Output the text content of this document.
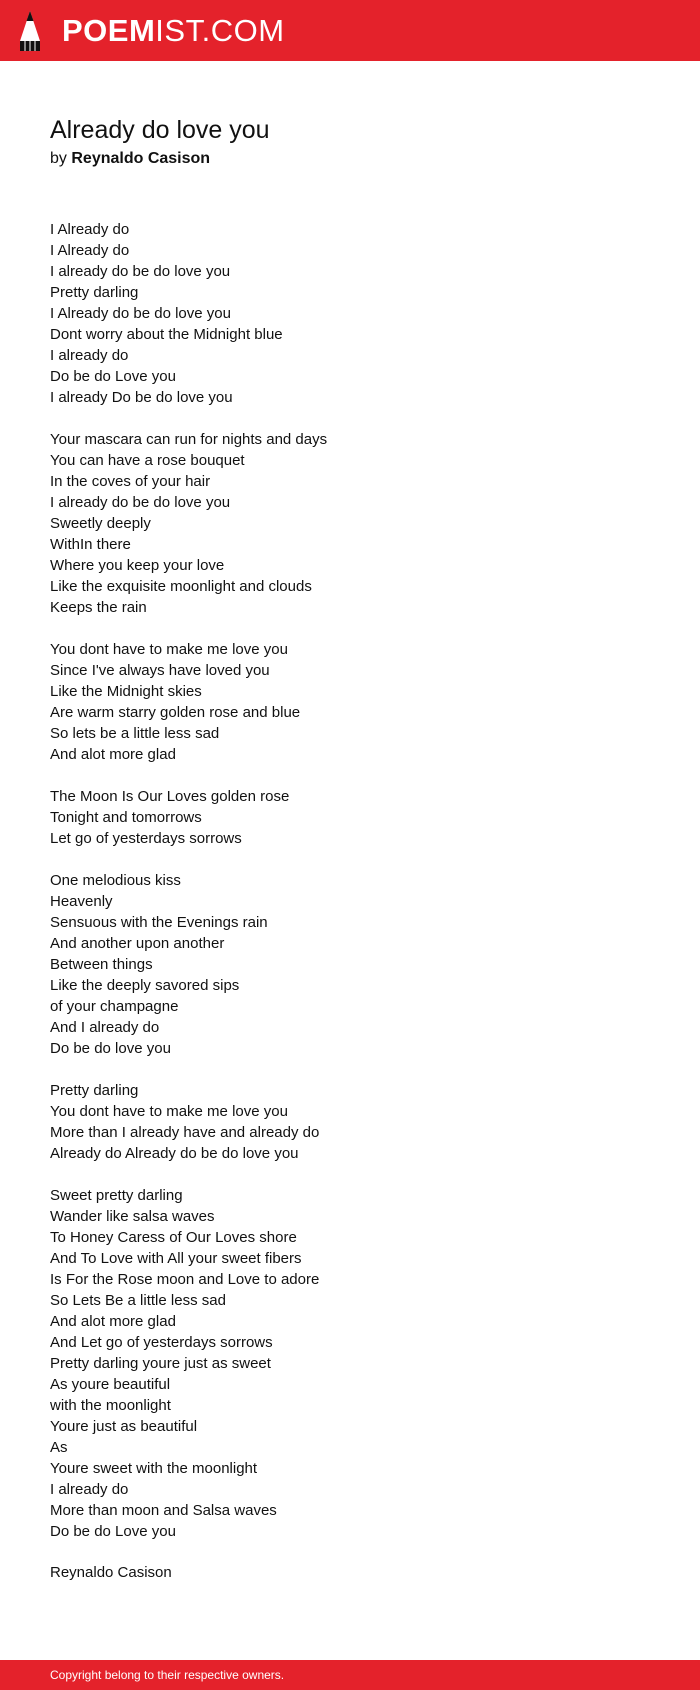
POEMIST.COM
Already do love you
by Reynaldo Casison
I Already do
I Already do
I already do be do love you
Pretty darling
I Already do be do love you
Dont worry about the Midnight blue
I already do
Do be do Love you
I already Do be do love you
Your mascara can run for nights and days
You can have a rose bouquet
In the coves of your hair
I already do be do love you
Sweetly deeply
WithIn there
Where you keep your love
Like the exquisite moonlight and clouds
Keeps the rain
You dont have to make me love you
Since I've always have loved you
Like the Midnight skies
Are warm starry golden rose and blue
So lets be a little less sad
And alot more glad
The Moon Is Our Loves golden rose
Tonight and tomorrows
Let go of yesterdays sorrows
One melodious kiss
Heavenly
Sensuous with the Evenings rain
And another upon another
Between things
Like the deeply savored sips
of your champagne
And I already do
Do be do love you
Pretty darling
You dont have to make me love you
More than I already have and already do
Already do Already do be do love you
Sweet pretty darling
Wander like salsa waves
To Honey Caress of Our Loves shore
And To Love with All your sweet fibers
Is For the Rose moon and Love to adore
So Lets Be a little less sad
And alot more glad
And Let go of yesterdays sorrows
Pretty darling youre just as sweet
As youre beautiful
with the moonlight
Youre just as beautiful
As
Youre sweet with the moonlight
I already do
More than moon and Salsa waves
Do be do Love you
Reynaldo Casison
Copyright belong to their respective owners.
